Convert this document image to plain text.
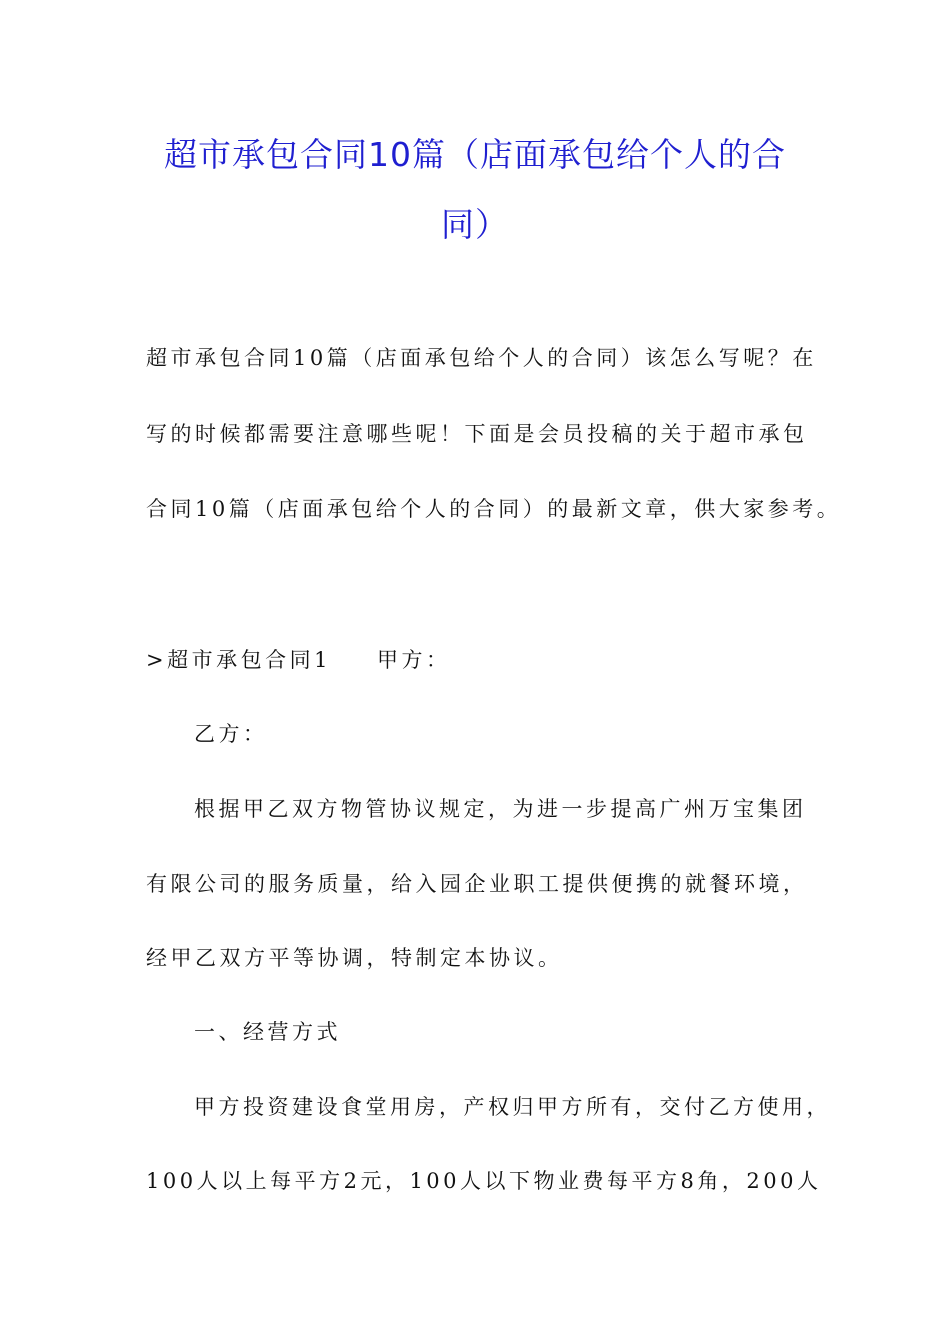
超市承包合同10篇（店面承包给个人的合
同）

超市承包合同10篇（店面承包给个人的合同）该怎么写呢？在

写的时候都需要注意哪些呢！下面是会员投稿的关于超市承包

合同10篇（店面承包给个人的合同）的最新文章，供大家参考。

>超市承包合同1 甲方：

乙方：

根据甲乙双方物管协议规定，为进一步提高广州万宝集团

有限公司的服务质量，给入园企业职工提供便携的就餐环境，

经甲乙双方平等协调，特制定本协议。

一、经营方式

甲方投资建设食堂用房，产权归甲方所有，交付乙方使用，

100人以上每平方2元，100人以下物业费每平方8角，200人
